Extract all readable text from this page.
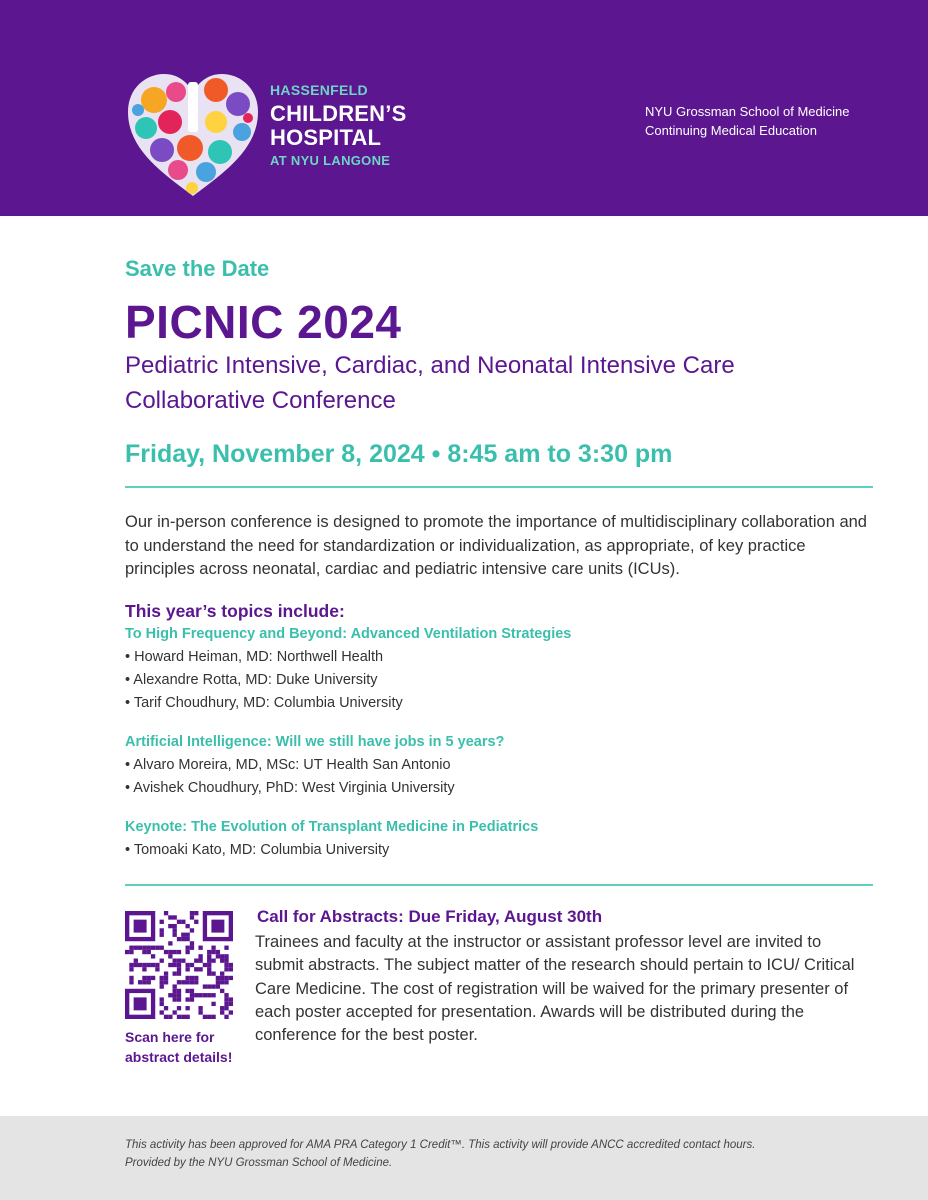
HASSENFELD
CHILDREN’S
HOSPITAL
AT NYU LANGONE
NYU Grossman School of Medicine
Continuing Medical Education
Save the Date
PICNIC 2024
Pediatric Intensive, Cardiac, and Neonatal Intensive Care
Collaborative Conference
Friday, November 8, 2024 • 8:45 am to 3:30 pm
Our in-person conference is designed to promote the importance of multidisciplinary collaboration and to understand the need for standardization or individualization, as appropriate, of key practice principles across neonatal, cardiac and pediatric intensive care units (ICUs).
This year’s topics include:
To High Frequency and Beyond: Advanced Ventilation Strategies
• Howard Heiman, MD: Northwell Health
• Alexandre Rotta, MD: Duke University
• Tarif Choudhury, MD: Columbia University
Artificial Intelligence: Will we still have jobs in 5 years?
• Alvaro Moreira, MD, MSc: UT Health San Antonio
• Avishek Choudhury, PhD: West Virginia University
Keynote: The Evolution of Transplant Medicine in Pediatrics
• Tomoaki Kato, MD: Columbia University
Scan here for abstract details!
Call for Abstracts: Due Friday, August 30th
Trainees and faculty at the instructor or assistant professor level are invited to submit abstracts. The subject matter of the research should pertain to ICU/ Critical Care Medicine. The cost of registration will be waived for the primary presenter of each poster accepted for presentation. Awards will be distributed during the conference for the best poster.
This activity has been approved for AMA PRA Category 1 Credit™. This activity will provide ANCC accredited contact hours.
Provided by the NYU Grossman School of Medicine.
